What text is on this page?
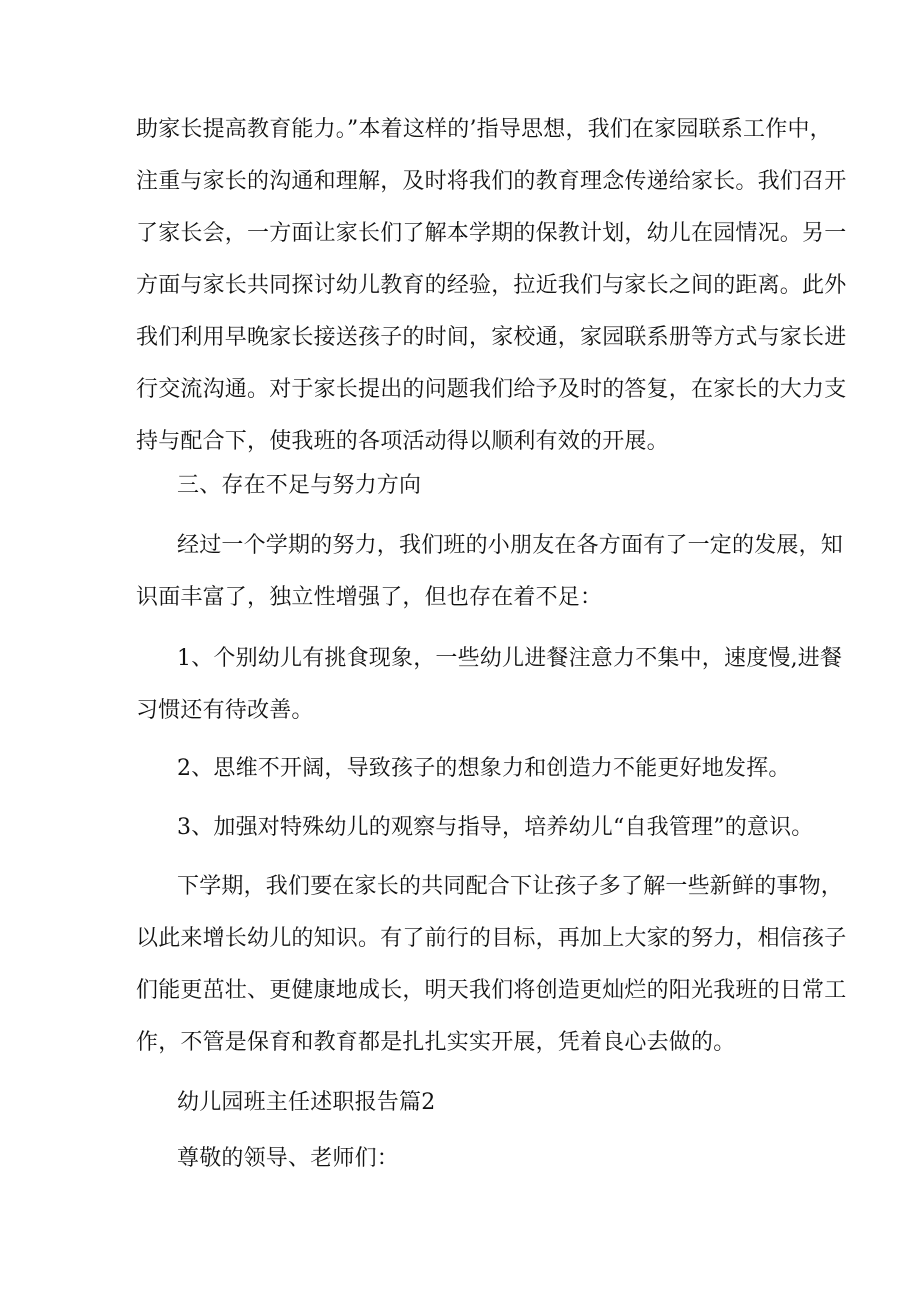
助家长提高教育能力。”本着这样的’指导思想，我们在家园联系工作中，
注重与家长的沟通和理解，及时将我们的教育理念传递给家长。我们召开
了家长会，一方面让家长们了解本学期的保教计划，幼儿在园情况。另一
方面与家长共同探讨幼儿教育的经验，拉近我们与家长之间的距离。此外
我们利用早晚家长接送孩子的时间，家校通，家园联系册等方式与家长进
行交流沟通。对于家长提出的问题我们给予及时的答复，在家长的大力支
持与配合下，使我班的各项活动得以顺利有效的开展。
三、存在不足与努力方向
经过一个学期的努力，我们班的小朋友在各方面有了一定的发展，知
识面丰富了，独立性增强了，但也存在着不足：
1、个别幼儿有挑食现象，一些幼儿进餐注意力不集中，速度慢,进餐
习惯还有待改善。
2、思维不开阔，导致孩子的想象力和创造力不能更好地发挥。
3、加强对特殊幼儿的观察与指导，培养幼儿“自我管理”的意识。
下学期，我们要在家长的共同配合下让孩子多了解一些新鲜的事物，
以此来增长幼儿的知识。有了前行的目标，再加上大家的努力，相信孩子
们能更茁壮、更健康地成长，明天我们将创造更灿烂的阳光我班的日常工
作，不管是保育和教育都是扎扎实实开展，凭着良心去做的。
幼儿园班主任述职报告篇2
尊敬的领导、老师们：
